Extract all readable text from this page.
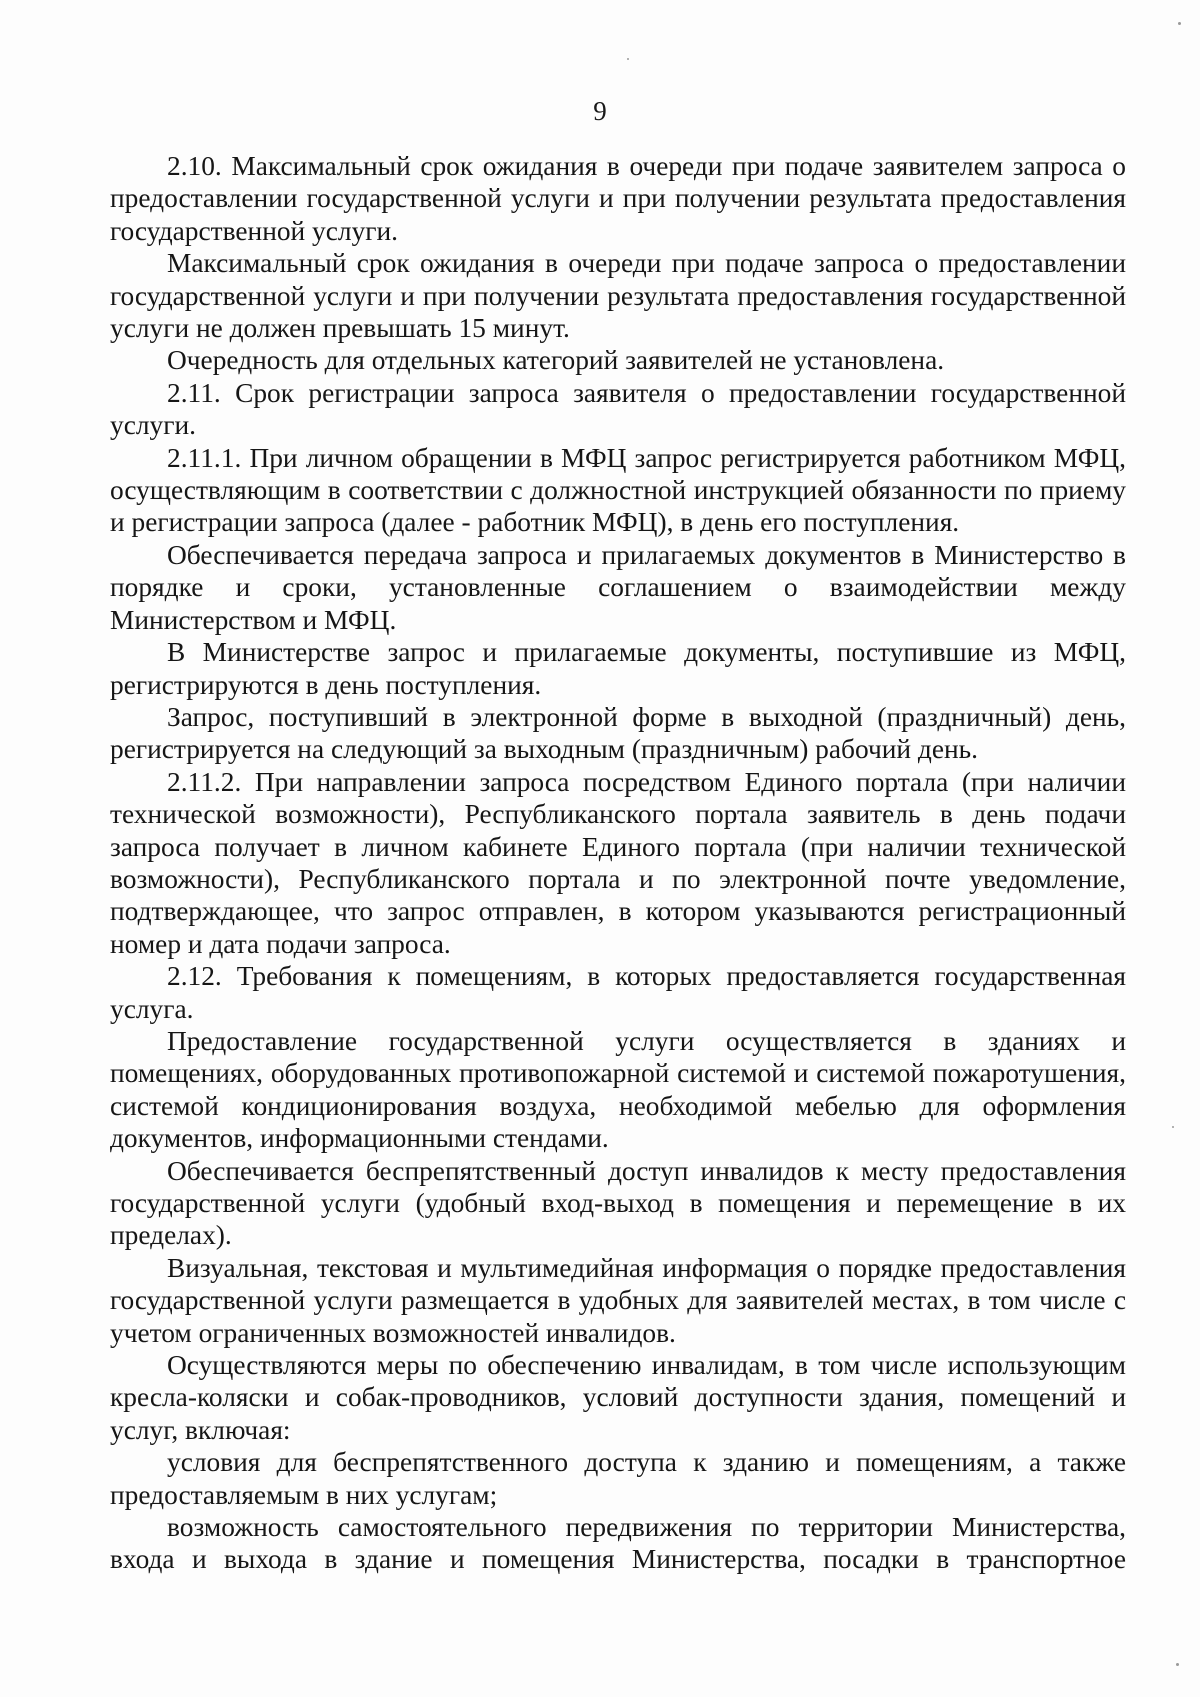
9

2.10. Максимальный срок ожидания в очереди при подаче заявителем запроса о предоставлении государственной услуги и при получении результата предоставления государственной услуги.

Максимальный срок ожидания в очереди при подаче запроса о предоставлении государственной услуги и при получении результата предоставления государственной услуги не должен превышать 15 минут.

Очередность для отдельных категорий заявителей не установлена.

2.11. Срок регистрации запроса заявителя о предоставлении государственной услуги.

2.11.1. При личном обращении в МФЦ запрос регистрируется работником МФЦ, осуществляющим в соответствии с должностной инструкцией обязанности по приему и регистрации запроса (далее - работник МФЦ), в день его поступления.

Обеспечивается передача запроса и прилагаемых документов в Министерство в порядке и сроки, установленные соглашением о взаимодействии между Министерством и МФЦ.

В Министерстве запрос и прилагаемые документы, поступившие из МФЦ, регистрируются в день поступления.

Запрос, поступивший в электронной форме в выходной (праздничный) день, регистрируется на следующий за выходным (праздничным) рабочий день.

2.11.2. При направлении запроса посредством Единого портала (при наличии технической возможности), Республиканского портала заявитель в день подачи запроса получает в личном кабинете Единого портала (при наличии технической возможности), Республиканского портала и по электронной почте уведомление, подтверждающее, что запрос отправлен, в котором указываются регистрационный номер и дата подачи запроса.

2.12. Требования к помещениям, в которых предоставляется государственная услуга.

Предоставление государственной услуги осуществляется в зданиях и помещениях, оборудованных противопожарной системой и системой пожаротушения, системой кондиционирования воздуха, необходимой мебелью для оформления документов, информационными стендами.

Обеспечивается беспрепятственный доступ инвалидов к месту предоставления государственной услуги (удобный вход-выход в помещения и перемещение в их пределах).

Визуальная, текстовая и мультимедийная информация о порядке предоставления государственной услуги размещается в удобных для заявителей местах, в том числе с учетом ограниченных возможностей инвалидов.

Осуществляются меры по обеспечению инвалидам, в том числе использующим кресла-коляски и собак-проводников, условий доступности здания, помещений и услуг, включая:

условия для беспрепятственного доступа к зданию и помещениям, а также предоставляемым в них услугам;

возможность самостоятельного передвижения по территории Министерства, входа и выхода в здание и помещения Министерства, посадки в транспортное
